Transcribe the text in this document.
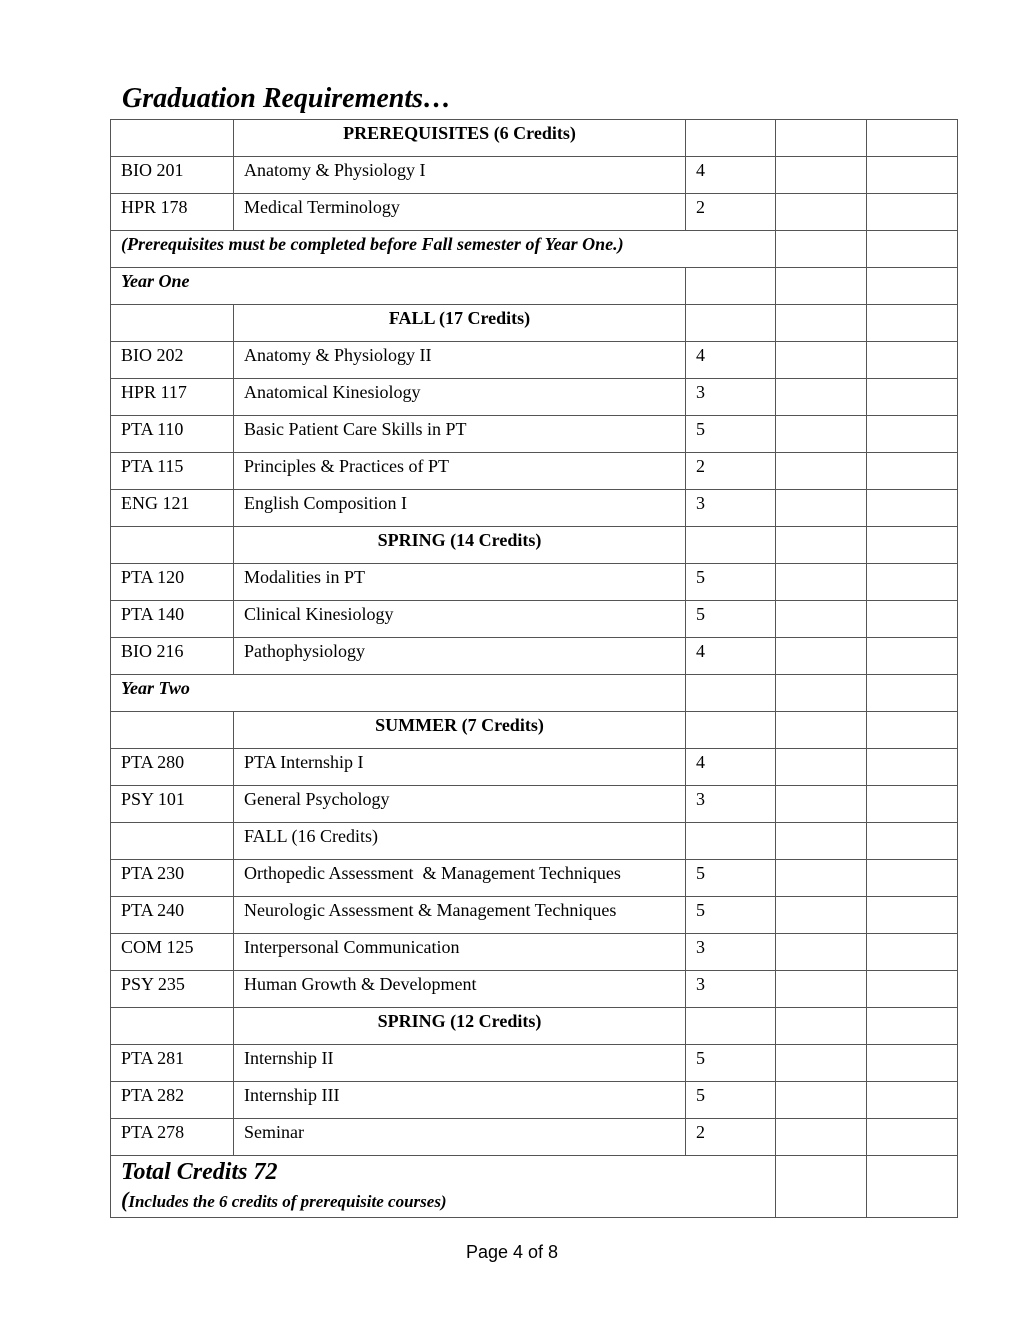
Graduation Requirements…
	PREREQUISITES (6 Credits)			
BIO 201	Anatomy & Physiology I	4		
HPR 178	Medical Terminology	2		
(Prerequisites must be completed before Fall semester of Year One.)				
Year One				
	FALL (17 Credits)			
BIO 202	Anatomy & Physiology II	4		
HPR 117	Anatomical Kinesiology	3		
PTA 110	Basic Patient Care Skills in PT	5		
PTA 115	Principles & Practices of PT	2		
ENG 121	English Composition I	3		
	SPRING (14 Credits)			
PTA 120	Modalities in PT	5		
PTA 140	Clinical Kinesiology	5		
BIO 216	Pathophysiology	4		
Year Two				
	SUMMER (7 Credits)			
PTA 280	PTA Internship I	4		
PSY 101	General Psychology	3		
	FALL (16 Credits)			
PTA 230	Orthopedic Assessment  & Management Techniques	5		
PTA 240	Neurologic Assessment & Management Techniques	5		
COM 125	Interpersonal Communication	3		
PSY 235	Human Growth & Development	3		
	SPRING (12 Credits)			
PTA 281	Internship II	5		
PTA 282	Internship III	5		
PTA 278	Seminar	2		

Total Credits 72
(Includes the 6 credits of prerequisite courses)				

Page 4 of 8
